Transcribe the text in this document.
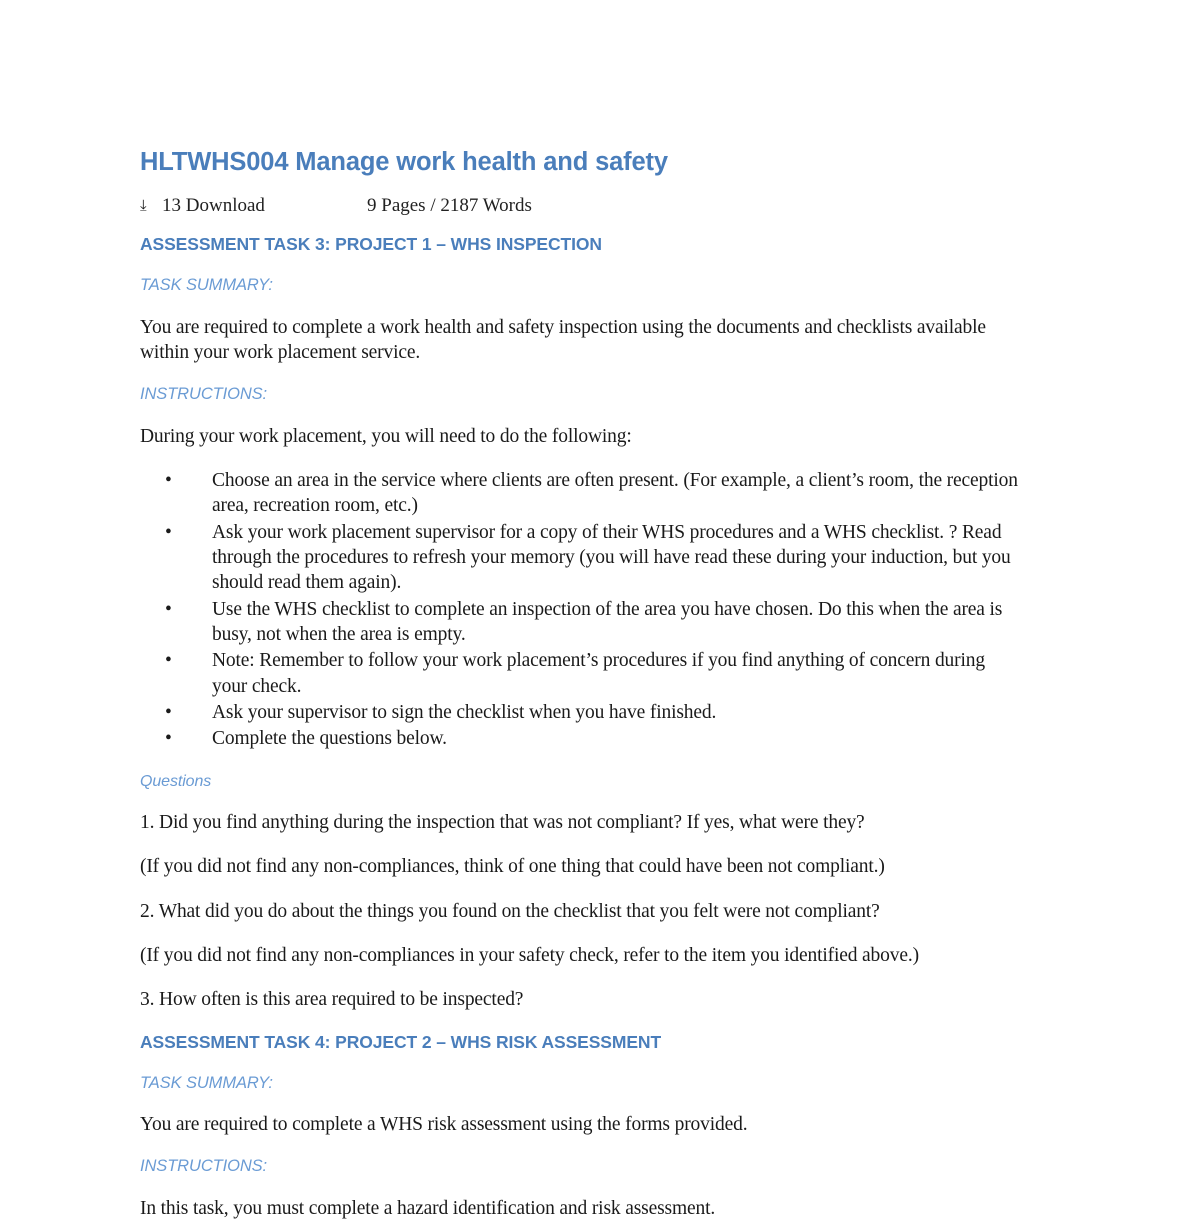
HLTWHS004 Manage work health and safety
⤓ 13 Download	9 Pages / 2187 Words
ASSESSMENT TASK 3: PROJECT 1 – WHS INSPECTION
TASK SUMMARY:

You are required to complete a work health and safety inspection using the documents and checklists available within your work placement service.

INSTRUCTIONS:

During your work placement, you will need to do the following:

• Choose an area in the service where clients are often present. (For example, a client’s room, the reception area, recreation room, etc.)
• Ask your work placement supervisor for a copy of their WHS procedures and a WHS checklist. ? Read through the procedures to refresh your memory (you will have read these during your induction, but you should read them again).
• Use the WHS checklist to complete an inspection of the area you have chosen. Do this when the area is busy, not when the area is empty.
• Note: Remember to follow your work placement’s procedures if you find anything of concern during your check.
• Ask your supervisor to sign the checklist when you have finished.
• Complete the questions below.
Questions

1. Did you find anything during the inspection that was not compliant? If yes, what were they?

(If you did not find any non-compliances, think of one thing that could have been not compliant.)

2. What did you do about the things you found on the checklist that you felt were not compliant?

(If you did not find any non-compliances in your safety check, refer to the item you identified above.)

3. How often is this area required to be inspected?

ASSESSMENT TASK 4: PROJECT 2 – WHS RISK ASSESSMENT
TASK SUMMARY:

You are required to complete a WHS risk assessment using the forms provided.

INSTRUCTIONS:

In this task, you must complete a hazard identification and risk assessment.
